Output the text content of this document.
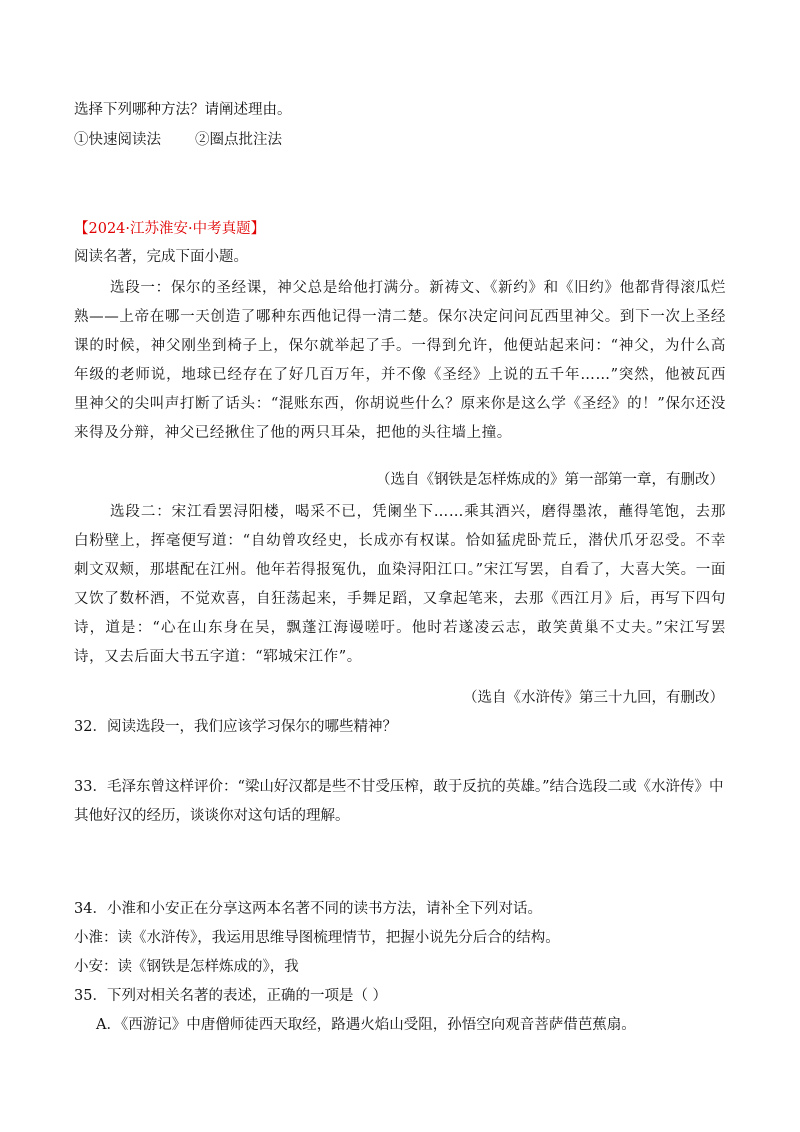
选择下列哪种方法？请阐述理由。
①快速阅读法 ②圈点批注法
【2024·江苏淮安·中考真题】
阅读名著，完成下面小题。
选段一：保尔的圣经课，神父总是给他打满分。新祷文、《新约》和《旧约》他都背得滚瓜烂熟——上帝在哪一天创造了哪种东西他记得一清二楚。保尔决定问问瓦西里神父。到下一次上圣经课的时候，神父刚坐到椅子上，保尔就举起了手。一得到允许，他便站起来问：“神父，为什么高年级的老师说，地球已经存在了好几百万年，并不像《圣经》上说的五千年……”突然，他被瓦西里神父的尖叫声打断了话头：“混账东西，你胡说些什么？原来你是这么学《圣经》的！”保尔还没来得及分辩，神父已经揪住了他的两只耳朵，把他的头往墙上撞。
（选自《钢铁是怎样炼成的》第一部第一章，有删改）
选段二：宋江看罢浔阳楼，喝采不已，凭阑坐下……乘其酒兴，磨得墨浓，蘸得笔饱，去那白粉壁上，挥毫便写道：“自幼曾攻经史，长成亦有权谋。恰如猛虎卧荒丘，潜伏爪牙忍受。不幸刺文双颊，那堪配在江州。他年若得报冤仇，血染浔阳江口。”宋江写罢，自看了，大喜大笑。一面又饮了数杯酒，不觉欢喜，自狂荡起来，手舞足蹈，又拿起笔来，去那《西江月》后，再写下四句诗，道是：“心在山东身在吴，飘蓬江海谩嗟吁。他时若遂凌云志，敢笑黄巢不丈夫。”宋江写罢诗，又去后面大书五字道：“郓城宋江作”。
（选自《水浒传》第三十九回，有删改）
32．阅读选段一，我们应该学习保尔的哪些精神？
33．毛泽东曾这样评价：“梁山好汉都是些不甘受压榨，敢于反抗的英雄。”结合选段二或《水浒传》中
其他好汉的经历，谈谈你对这句话的理解。
34．小淮和小安正在分享这两本名著不同的读书方法，请补全下列对话。
小淮：读《水浒传》，我运用思维导图梳理情节，把握小说先分后合的结构。
小安：读《钢铁是怎样炼成的》，我
35．下列对相关名著的表述，正确的一项是（ ）
A．《西游记》中唐僧师徒西天取经，路遇火焰山受阻，孙悟空向观音菩萨借芭蕉扇。
